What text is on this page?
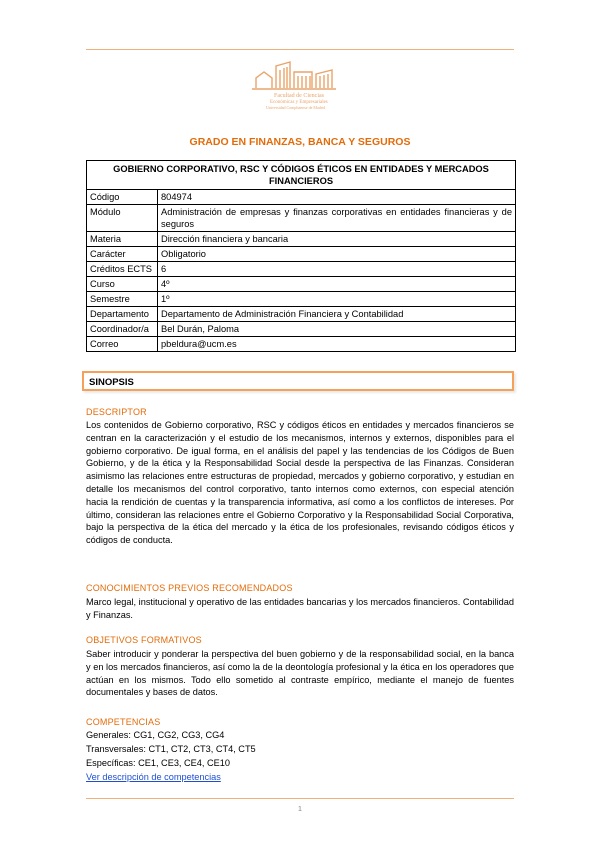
Facultad de Ciencias
Económicas y Empresariales
Universidad Complutense de Madrid
GRADO EN FINANZAS, BANCA Y SEGUROS
GOBIERNO CORPORATIVO, RSC Y CÓDIGOS ÉTICOS EN ENTIDADES Y MERCADOS FINANCIEROS	
Código	804974
Módulo	Administración de empresas y finanzas corporativas en entidades financieras y de seguros
Materia	Dirección financiera y bancaria
Carácter	Obligatorio
Créditos ECTS	6
Curso	4º
Semestre	1º
Departamento	Departamento de Administración Financiera y Contabilidad
Coordinador/a	Bel Durán, Paloma
Correo	pbeldura@ucm.es
SINOPSIS
DESCRIPTOR
Los contenidos de Gobierno corporativo, RSC y códigos éticos en entidades y mercados financieros se centran en la caracterización y el estudio de los mecanismos, internos y externos, disponibles para el gobierno corporativo. De igual forma, en el análisis del papel y las tendencias de los Códigos de Buen Gobierno, y de la ética y la Responsabilidad Social desde la perspectiva de las Finanzas. Consideran asimismo las relaciones entre estructuras de propiedad, mercados y gobierno corporativo, y estudian en detalle los mecanismos del control corporativo, tanto internos como externos, con especial atención hacia la rendición de cuentas y la transparencia informativa, así como a los conflictos de intereses. Por último, consideran las relaciones entre el Gobierno Corporativo y la Responsabilidad Social Corporativa, bajo la perspectiva de la ética del mercado y la ética de los profesionales, revisando códigos éticos y códigos de conducta.
CONOCIMIENTOS PREVIOS RECOMENDADOS
Marco legal, institucional y operativo de las entidades bancarias y los mercados financieros. Contabilidad y Finanzas.
OBJETIVOS FORMATIVOS
Saber introducir y ponderar la perspectiva del buen gobierno y de la responsabilidad social, en la banca y en los mercados financieros, así como la de la deontología profesional y la ética en los operadores que actúan en los mismos. Todo ello sometido al contraste empírico, mediante el manejo de fuentes documentales y bases de datos.
COMPETENCIAS
Generales: CG1, CG2, CG3, CG4
Transversales: CT1, CT2, CT3, CT4, CT5
Específicas: CE1, CE3, CE4, CE10
Ver descripción de competencias
1
